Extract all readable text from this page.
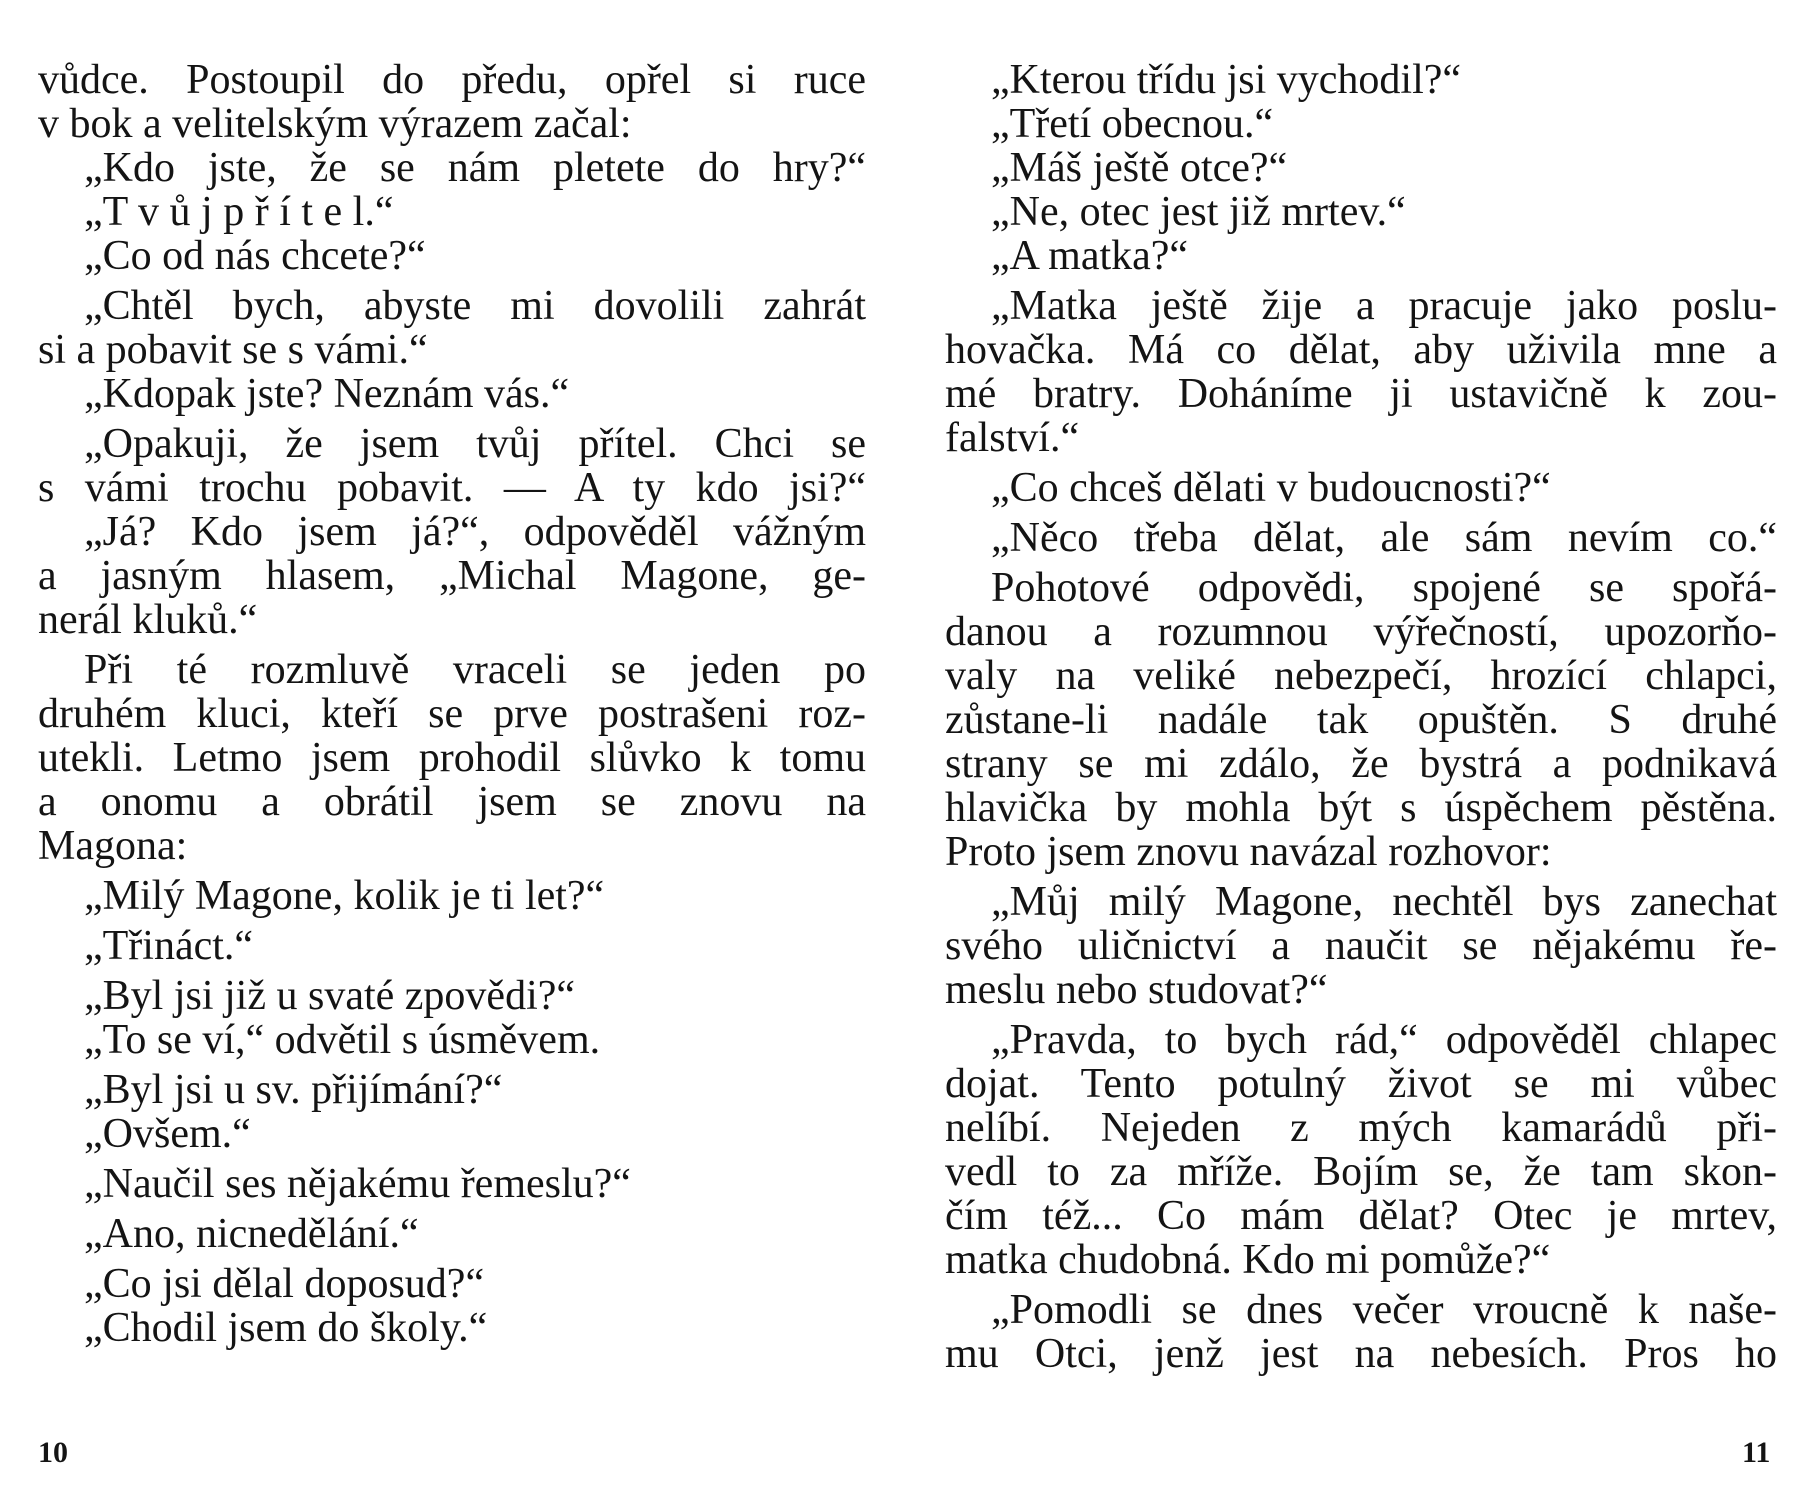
vůdce. Postoupil do předu, opřel si ruce
v bok a velitelským výrazem začal:
„Kdo jste, že se nám pletete do hry?“
„T v ů j p ř í t e l.“
„Co od nás chcete?“
„Chtěl bych, abyste mi dovolili zahrát
si a pobavit se s vámi.“
„Kdopak jste? Neznám vás.“
„Opakuji, že jsem tvůj přítel. Chci se
s vámi trochu pobavit. — A ty kdo jsi?“
„Já? Kdo jsem já?“, odpověděl vážným
a jasným hlasem, „Michal Magone, ge-
nerál kluků.“
Při té rozmluvě vraceli se jeden po
druhém kluci, kteří se prve postrašeni roz-
utekli. Letmo jsem prohodil slůvko k tomu
a onomu a obrátil jsem se znovu na
Magona:
„Milý Magone, kolik je ti let?“
„Třináct.“
„Byl jsi již u svaté zpovědi?“
„To se ví,“ odvětil s úsměvem.
„Byl jsi u sv. přijímání?“
„Ovšem.“
„Naučil ses nějakému řemeslu?“
„Ano, nicnedělání.“
„Co jsi dělal doposud?“
„Chodil jsem do školy.“
„Kterou třídu jsi vychodil?“
„Třetí obecnou.“
„Máš ještě otce?“
„Ne, otec jest již mrtev.“
„A matka?“
„Matka ještě žije a pracuje jako poslu-
hovačka. Má co dělat, aby uživila mne a
mé bratry. Doháníme ji ustavičně k zou-
falství.“
„Co chceš dělati v budoucnosti?“
„Něco třeba dělat, ale sám nevím co.“
Pohotové odpovědi, spojené se spořá-
danou a rozumnou výřečností, upozorňo-
valy na veliké nebezpečí, hrozící chlapci,
zůstane-li nadále tak opuštěn. S druhé
strany se mi zdálo, že bystrá a podnikavá
hlavička by mohla být s úspěchem pěstěna.
Proto jsem znovu navázal rozhovor:
„Můj milý Magone, nechtěl bys zanechat
svého uličnictví a naučit se nějakému ře-
meslu nebo studovat?“
„Pravda, to bych rád,“ odpověděl chlapec
dojat. Tento potulný život se mi vůbec
nelíbí. Nejeden z mých kamarádů při-
vedl to za mříže. Bojím se, že tam skon-
čím též... Co mám dělat? Otec je mrtev,
matka chudobná. Kdo mi pomůže?“
„Pomodli se dnes večer vroucně k naše-
mu Otci, jenž jest na nebesích. Pros ho
10	11
